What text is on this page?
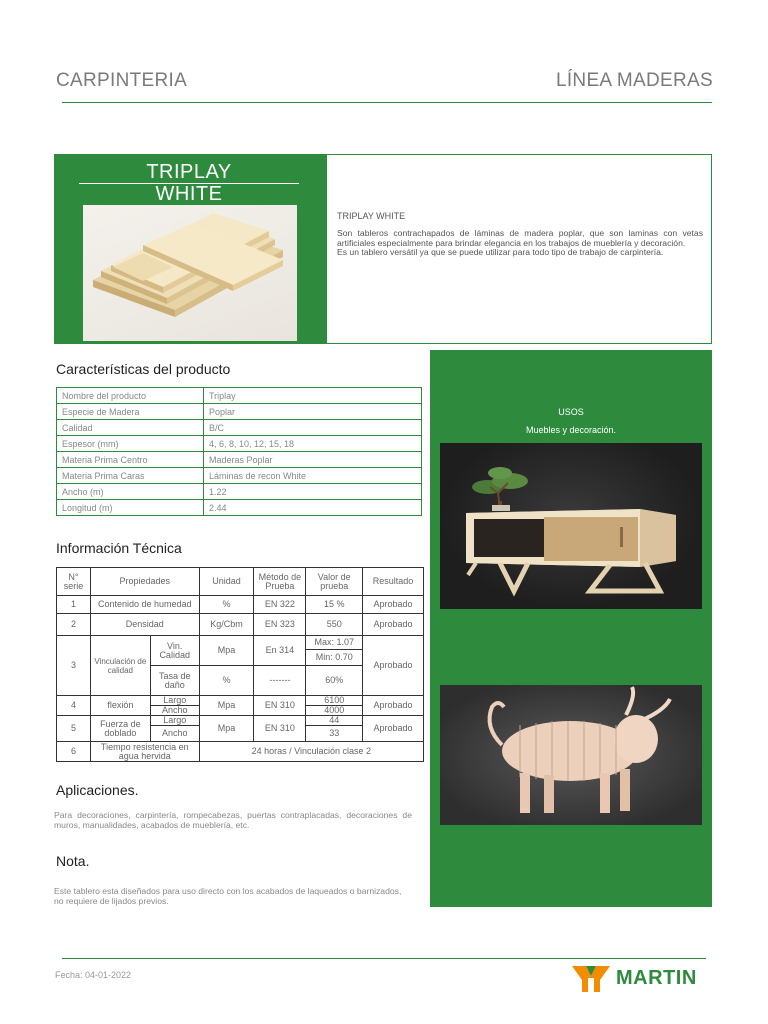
CARPINTERIA	LÍNEA MADERAS
TRIPLAY
WHITE
TRIPLAY WHITE
Son tableros contrachapados de láminas de madera poplar, que son laminas con vetas artificiales especialmente para brindar elegancia en los trabajos de mueblería y decoración.
Es un tablero versátil ya que se puede utilizar para todo tipo de trabajo de carpintería.
Características del producto
Nombre del producto	Triplay
Especie de Madera	Poplar
Calidad	B/C
Espesor (mm)	4, 6, 8, 10, 12, 15, 18
Materia Prima Centro	Maderas Poplar
Materia Prima Caras	Láminas de recon White
Ancho (m)	1.22
Longitud (m)	2.44
Información Técnica
N° serie	Propiedades		Unidad	Método de Prueba	Valor de prueba	Resultado
1	Contenido de humedad		%	EN 322	15 %	Aprobado
2	Densidad		Kg/Cbm	EN 323	550	Aprobado
3	Vinculación de calidad	Vin. Calidad	Mpa	En 314	Max: 1.07	Aprobado
					Min: 0.70	
		Tasa de daño	%	-------	60%	
4	flexión	Largo	Mpa	EN 310	6100	Aprobado
		Ancho			4000	
5	Fuerza de doblado	Largo	Mpa	EN 310	44	Aprobado
		Ancho			33	
6	Tiempo resistencia en agua hervida		24 horas / Vinculación clase 2			
Aplicaciones.
Para decoraciones, carpintería, rompecabezas, puertas contraplacadas, decoraciones de muros, manualidades, acabados de mueblería, etc.
Nota.
Este tablero esta diseñados para uso directo con los acabados de laqueados o barnizados, no requiere de lijados previos.
USOS
Muebles y decoración.
Fecha: 04-01-2022	MARTIN
